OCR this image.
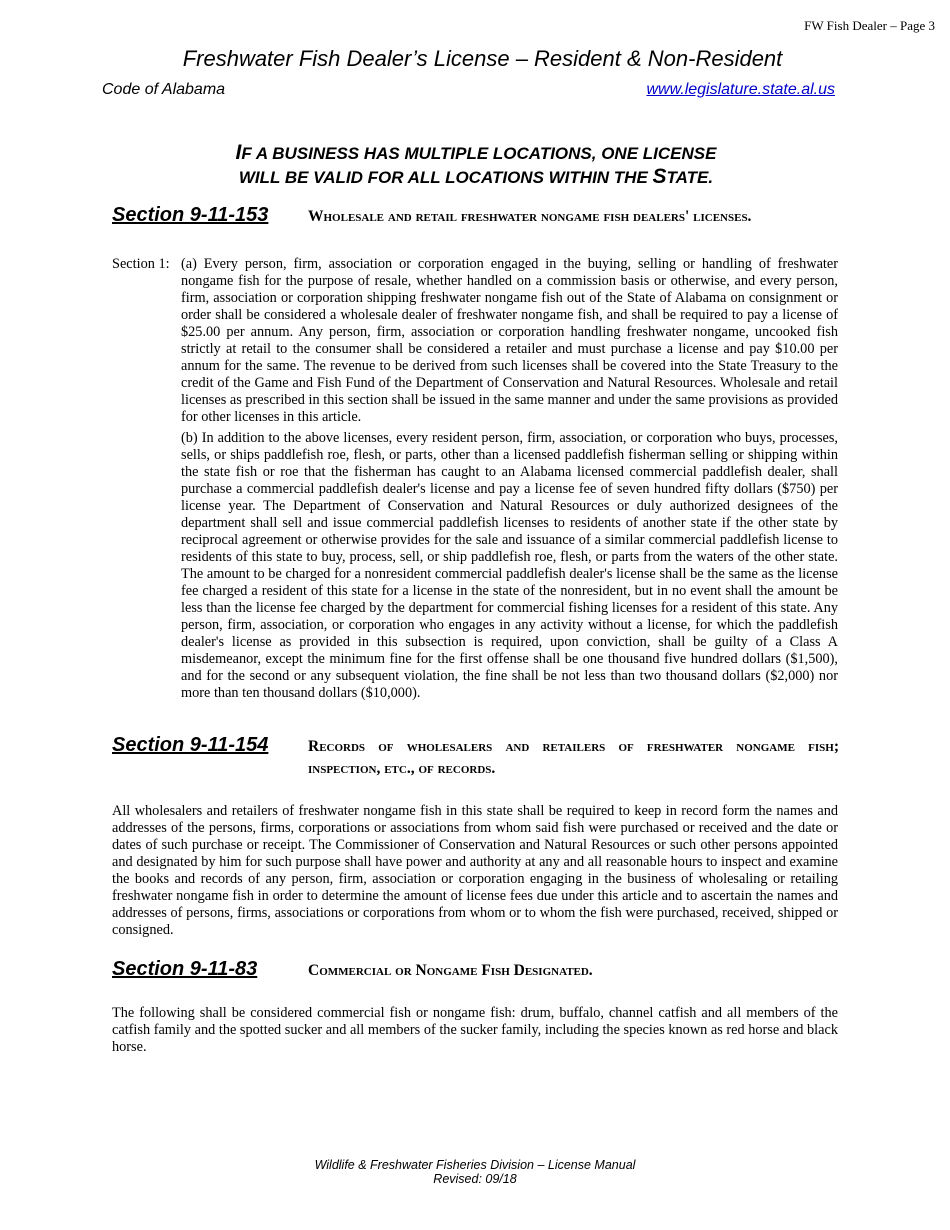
FW Fish Dealer – Page 3
Freshwater Fish Dealer’s License – Resident & Non-Resident
Code of Alabama	www.legislature.state.al.us
IF A BUSINESS HAS MULTIPLE LOCATIONS, ONE LICENSE
WILL BE VALID FOR ALL LOCATIONS WITHIN THE STATE.
Section 9-11-153	Wholesale and retail freshwater nongame fish dealers' licenses.
Section 1: (a) Every person, firm, association or corporation engaged in the buying, selling or handling of freshwater nongame fish for the purpose of resale, whether handled on a commission basis or otherwise, and every person, firm, association or corporation shipping freshwater nongame fish out of the State of Alabama on consignment or order shall be considered a wholesale dealer of freshwater nongame fish, and shall be required to pay a license of $25.00 per annum. Any person, firm, association or corporation handling freshwater nongame, uncooked fish strictly at retail to the consumer shall be considered a retailer and must purchase a license and pay $10.00 per annum for the same. The revenue to be derived from such licenses shall be covered into the State Treasury to the credit of the Game and Fish Fund of the Department of Conservation and Natural Resources. Wholesale and retail licenses as prescribed in this section shall be issued in the same manner and under the same provisions as provided for other licenses in this article.

(b) In addition to the above licenses, every resident person, firm, association, or corporation who buys, processes, sells, or ships paddlefish roe, flesh, or parts, other than a licensed paddlefish fisherman selling or shipping within the state fish or roe that the fisherman has caught to an Alabama licensed commercial paddlefish dealer, shall purchase a commercial paddlefish dealer's license and pay a license fee of seven hundred fifty dollars ($750) per license year. The Department of Conservation and Natural Resources or duly authorized designees of the department shall sell and issue commercial paddlefish licenses to residents of another state if the other state by reciprocal agreement or otherwise provides for the sale and issuance of a similar commercial paddlefish license to residents of this state to buy, process, sell, or ship paddlefish roe, flesh, or parts from the waters of the other state. The amount to be charged for a nonresident commercial paddlefish dealer's license shall be the same as the license fee charged a resident of this state for a license in the state of the nonresident, but in no event shall the amount be less than the license fee charged by the department for commercial fishing licenses for a resident of this state. Any person, firm, association, or corporation who engages in any activity without a license, for which the paddlefish dealer's license as provided in this subsection is required, upon conviction, shall be guilty of a Class A misdemeanor, except the minimum fine for the first offense shall be one thousand five hundred dollars ($1,500), and for the second or any subsequent violation, the fine shall be not less than two thousand dollars ($2,000) nor more than ten thousand dollars ($10,000).

Section 9-11-154	Records of wholesalers and retailers of freshwater nongame fish; inspection, etc., of records.

All wholesalers and retailers of freshwater nongame fish in this state shall be required to keep in record form the names and addresses of the persons, firms, corporations or associations from whom said fish were purchased or received and the date or dates of such purchase or receipt. The Commissioner of Conservation and Natural Resources or such other persons appointed and designated by him for such purpose shall have power and authority at any and all reasonable hours to inspect and examine the books and records of any person, firm, association or corporation engaging in the business of wholesaling or retailing freshwater nongame fish in order to determine the amount of license fees due under this article and to ascertain the names and addresses of persons, firms, associations or corporations from whom or to whom the fish were purchased, received, shipped or consigned.

Section 9-11-83	Commercial or Nongame Fish Designated.

The following shall be considered commercial fish or nongame fish: drum, buffalo, channel catfish and all members of the catfish family and the spotted sucker and all members of the sucker family, including the species known as red horse and black horse.

Wildlife & Freshwater Fisheries Division – License Manual
Revised: 09/18
